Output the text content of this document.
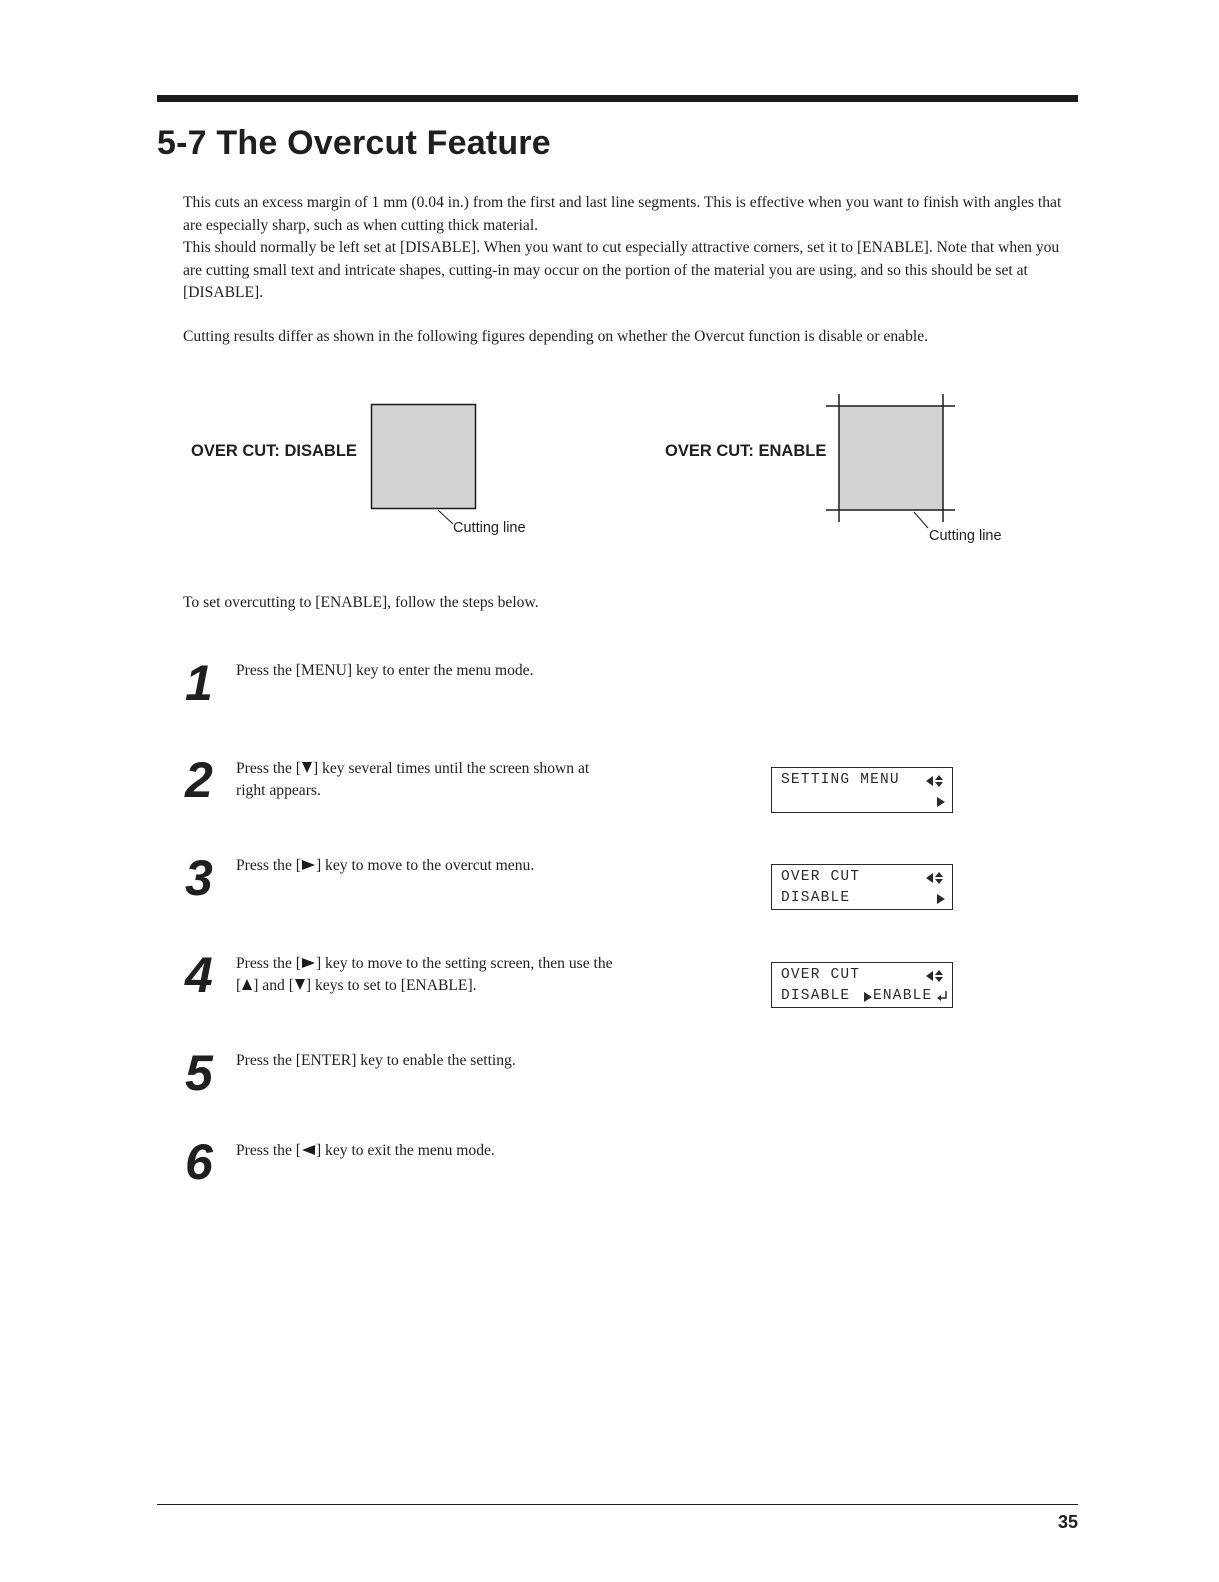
5-7 The Overcut Feature

This cuts an excess margin of 1 mm (0.04 in.) from the first and last line segments. This is effective when you want to finish with angles that are especially sharp, such as when cutting thick material.

This should normally be left set at [DISABLE]. When you want to cut especially attractive corners, set it to [ENABLE]. Note that when you are cutting small text and intricate shapes, cutting-in may occur on the portion of the material you are using, and so this should be set at [DISABLE].

Cutting results differ as shown in the following figures depending on whether the Overcut function is disable or enable.

OVER CUT: DISABLE
Cutting line
OVER CUT: ENABLE
Cutting line

To set overcutting to [ENABLE], follow the steps below.

1 Press the [MENU] key to enter the menu mode.

2 Press the [ ] key several times until the screen shown at right appears.

3 Press the [ ] key to move to the overcut menu.

4 Press the [ ] key to move to the setting screen, then use the [ ] and [ ] keys to set to [ENABLE].

5 Press the [ENTER] key to enable the setting.

6 Press the [ ] key to exit the menu mode.

SETTING MENU
OVER CUT
DISABLE
OVER CUT
DISABLE ENABLE
35
